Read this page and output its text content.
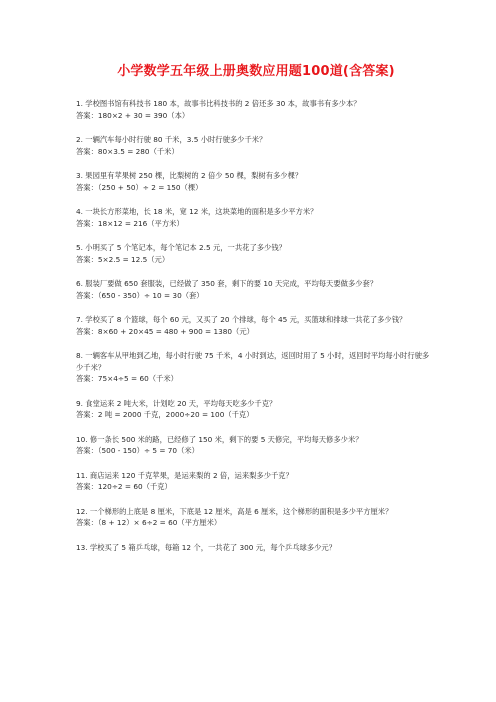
小学数学五年级上册奥数应用题100道(含答案)
1. 学校图书馆有科技书 180 本，故事书比科技书的 2 倍还多 30 本，故事书有多少本？
答案：180×2 + 30 = 390（本）
2. 一辆汽车每小时行驶 80 千米，3.5 小时行驶多少千米？
答案：80×3.5 = 280（千米）
3. 果园里有苹果树 250 棵，比梨树的 2 倍少 50 棵，梨树有多少棵？
答案：（250 + 50）÷ 2 = 150（棵）
4. 一块长方形菜地，长 18 米，宽 12 米，这块菜地的面积是多少平方米？
答案：18×12 = 216（平方米）
5. 小明买了 5 个笔记本，每个笔记本 2.5 元，一共花了多少钱？
答案：5×2.5 = 12.5（元）
6. 服装厂要做 650 套服装，已经做了 350 套，剩下的要 10 天完成，平均每天要做多少套？
答案：（650 - 350）÷ 10 = 30（套）
7. 学校买了 8 个篮球，每个 60 元，又买了 20 个排球，每个 45 元，买篮球和排球一共花了多少钱？
答案：8×60 + 20×45 = 480 + 900 = 1380（元）
8. 一辆客车从甲地到乙地，每小时行驶 75 千米，4 小时到达，返回时用了 5 小时，返回时平均每小时行驶多少千米？
答案：75×4÷5 = 60（千米）
9. 食堂运来 2 吨大米，计划吃 20 天，平均每天吃多少千克？
答案：2 吨 = 2000 千克，2000÷20 = 100（千克）
10. 修一条长 500 米的路，已经修了 150 米，剩下的要 5 天修完，平均每天修多少米？
答案：（500 - 150）÷ 5 = 70（米）
11. 商店运来 120 千克苹果，是运来梨的 2 倍，运来梨多少千克？
答案：120÷2 = 60（千克）
12. 一个梯形的上底是 8 厘米，下底是 12 厘米，高是 6 厘米，这个梯形的面积是多少平方厘米？
答案：（8 + 12）× 6÷2 = 60（平方厘米）
13. 学校买了 5 箱乒乓球，每箱 12 个，一共花了 300 元，每个乒乓球多少元？
